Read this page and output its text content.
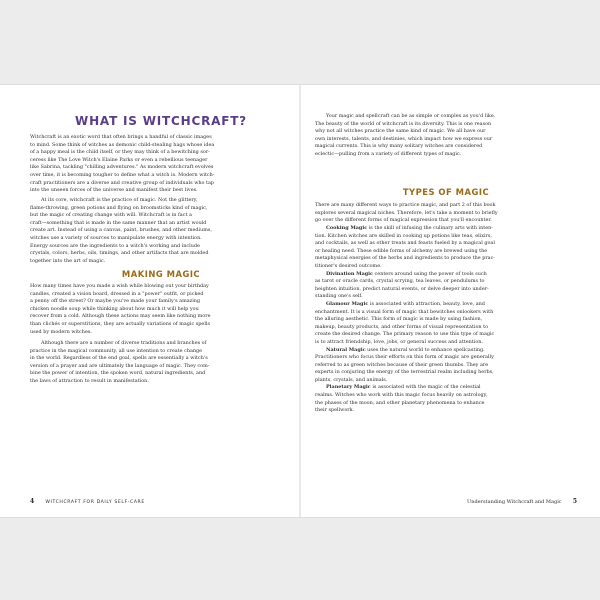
WHAT IS WITCHCRAFT?
Witchcraft is an exotic word that often brings a handful of classic images
to mind. Some think of witches as demonic child-stealing hags whose idea
of a happy meal is the child itself, or they may think of a bewitching sor-
ceress like The Love Witch's Elaine Parks or even a rebellious teenager
like Sabrina, tackling "chilling adventures." As modern witchcraft evolves
over time, it is becoming tougher to define what a witch is. Modern witch-
craft practitioners are a diverse and creative group of individuals who tap
into the unseen forces of the universe and manifest their best lives.
At its core, witchcraft is the practice of magic. Not the glittery,
flame-throwing, green potions and flying on broomsticks kind of magic,
but the magic of creating change with will. Witchcraft is in fact a
craft—something that is made in the same manner that an artist would
create art. Instead of using a canvas, paint, brushes, and other mediums,
witches use a variety of sources to manipulate energy with intention.
Energy sources are the ingredients to a witch's working and include
crystals, colors, herbs, oils, timings, and other artifacts that are molded
together into the art of magic.
MAKING MAGIC
How many times have you made a wish while blowing out your birthday
candles, created a vision board, dressed in a "power" outfit, or picked
a penny off the street? Or maybe you've made your family's amazing
chicken noodle soup while thinking about how much it will help you
recover from a cold. Although these actions may seem like nothing more
than clichés or superstitions, they are actually variations of magic spells
used by modern witches.
Although there are a number of diverse traditions and branches of
practice in the magical community, all use intention to create change
in the world. Regardless of the end goal, spells are essentially a witch's
version of a prayer and are ultimately the language of magic. They com-
bine the power of intention, the spoken word, natural ingredients, and
the laws of attraction to result in manifestation.
4 WITCHCRAFT FOR DAILY SELF-CARE
Your magic and spellcraft can be as simple or complex as you'd like.
The beauty of the world of witchcraft is its diversity. This is one reason
why not all witches practice the same kind of magic. We all have our
own interests, talents, and destinies, which impact how we express our
magical currents. This is why many solitary witches are considered
eclectic—pulling from a variety of different types of magic.
TYPES OF MAGIC
There are many different ways to practice magic, and part 2 of this book
explores several magical niches. Therefore, let's take a moment to briefly
go over the different forms of magical expression that you'll encounter.
Cooking Magic is the skill of infusing the culinary arts with inten-
tion. Kitchen witches are skilled in cooking up potions like teas, elixirs,
and cocktails, as well as other treats and feasts fueled by a magical goal
or healing need. These edible forms of alchemy are brewed using the
metaphysical energies of the herbs and ingredients to produce the prac-
titioner's desired outcome.
Divination Magic centers around using the power of tools such
as tarot or oracle cards, crystal scrying, tea leaves, or pendulums to
heighten intuition, predict natural events, or delve deeper into under-
standing one's self.
Glamour Magic is associated with attraction, beauty, love, and
enchantment. It is a visual form of magic that bewitches onlookers with
the alluring aesthetic. This form of magic is made by using fashion,
makeup, beauty products, and other forms of visual representation to
create the desired change. The primary reason to use this type of magic
is to attract friendship, love, jobs, or general success and attention.
Natural Magic uses the natural world to enhance spellcasting.
Practitioners who focus their efforts on this form of magic are generally
referred to as green witches because of their green thumbs. They are
experts in conjuring the energy of the terrestrial realm including herbs,
plants, crystals, and animals.
Planetary Magic is associated with the magic of the celestial
realms. Witches who work with this magic focus heavily on astrology,
the phases of the moon, and other planetary phenomena to enhance
their spellwork.
Understanding Witchcraft and Magic 5
